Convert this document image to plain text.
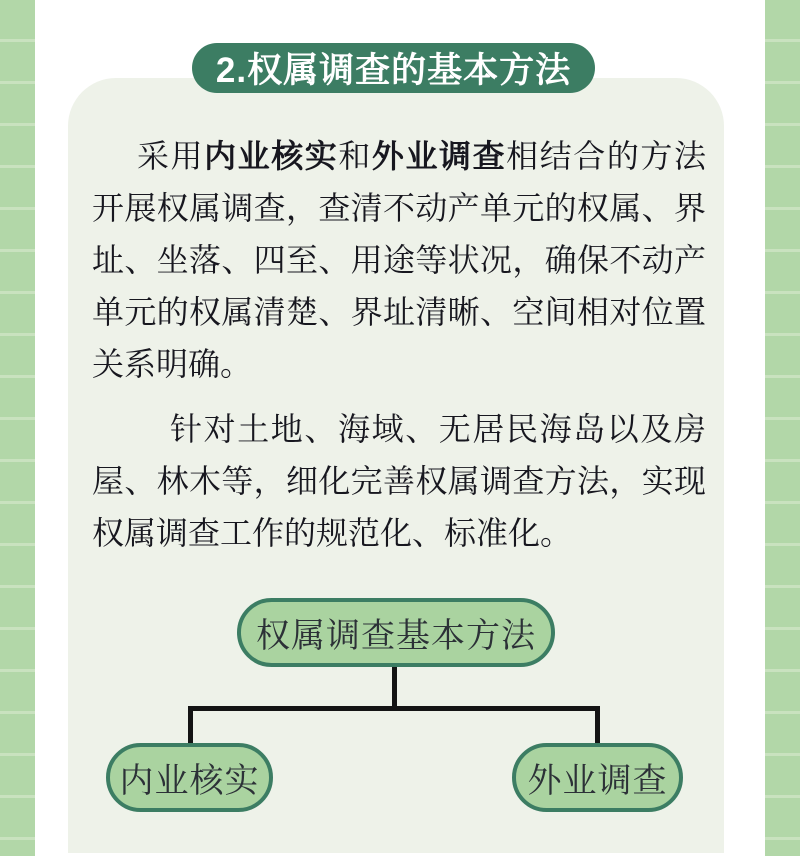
2.权属调查的基本方法

采用内业核实和外业调查相结合的方法开展权属调查，查清不动产单元的权属、界址、坐落、四至、用途等状况，确保不动产单元的权属清楚、界址清晰、空间相对位置关系明确。

针对土地、海域、无居民海岛以及房屋、林木等，细化完善权属调查方法，实现权属调查工作的规范化、标准化。

权属调查基本方法
内业核实	外业调查
